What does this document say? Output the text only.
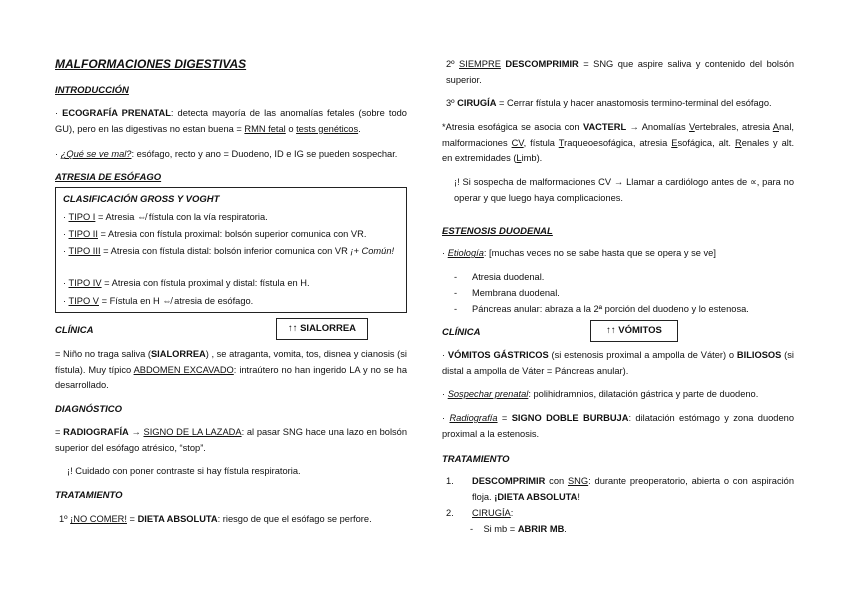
MALFORMACIONES DIGESTIVAS
INTRODUCCIÓN
· ECOGRAFÍA PRENATAL: detecta mayoría de las anomalías fetales (sobre todo GU), pero en las digestivas no estan buena = RMN fetal o tests genéticos.
· ¿Qué se ve mal?: esófago, recto y ano = Duodeno, ID e IG se pueden sospechar.
ATRESIA DE ESÓFAGO
CLASIFICACIÓN GROSS Y VOGHT
· TIPO I = Atresia ⇎ fístula con la vía respiratoria.
· TIPO II = Atresia con fístula proximal: bolsón superior comunica con VR.
· TIPO III = Atresia con fístula distal: bolsón inferior comunica con VR ¡+ Común!
· TIPO IV = Atresia con fístula proximal y distal: fístula en H.
· TIPO V = Fístula en H ⇎ atresia de esófago.
CLÍNICA	↑↑ SIALORREA
= Niño no traga saliva (SIALORREA) , se atraganta, vomita, tos, disnea y cianosis (si fístula). Muy típico ABDOMEN EXCAVADO: intraútero no han ingerido LA y no se ha desarrollado.
DIAGNÓSTICO
= RADIOGRAFÍA → SIGNO DE LA LAZADA: al pasar SNG hace una lazo en bolsón superior del esófago atrésico, “stop”.
¡! Cuidado con poner contraste si hay fístula respiratoria.
TRATAMIENTO
1º ¡NO COMER! = DIETA ABSOLUTA: riesgo de que el esófago se perfore.
2º SIEMPRE DESCOMPRIMIR = SNG que aspire saliva y contenido del bolsón superior.
3º CIRUGÍA = Cerrar fístula y hacer anastomosis termino-terminal del esófago.
*Atresia esofágica se asocia con VACTERL → Anomalías Vertebrales, atresia Anal, malformaciones CV, fístula Traqueoesofágica, atresia Esofágica, alt. Renales y alt. en extremidades (Limb).
¡! Si sospecha de malformaciones CV → Llamar a cardiólogo antes de ∝, para no operar y que luego haya complicaciones.
ESTENOSIS DUODENAL
· Etiología: [muchas veces no se sabe hasta que se opera y se ve]
- Atresia duodenal.
- Membrana duodenal.
- Páncreas anular: abraza a la 2ª porción del duodeno y lo estenosa.
CLÍNICA	↑↑ VÓMITOS
· VÓMITOS GÁSTRICOS (si estenosis proximal a ampolla de Váter) o BILIOSOS (si distal a ampolla de Váter = Páncreas anular).
· Sospechar prenatal: polihidramnios, dilatación gástrica y parte de duodeno.
· Radiografía = SIGNO DOBLE BURBUJA: dilatación estómago y zona duodeno proximal a la estenosis.
TRATAMIENTO
1. DESCOMPRIMIR con SNG: durante preoperatorio, abierta o con aspiración floja. ¡DIETA ABSOLUTA!
2. CIRUGÍA:
-    Si mb = ABRIR MB.
